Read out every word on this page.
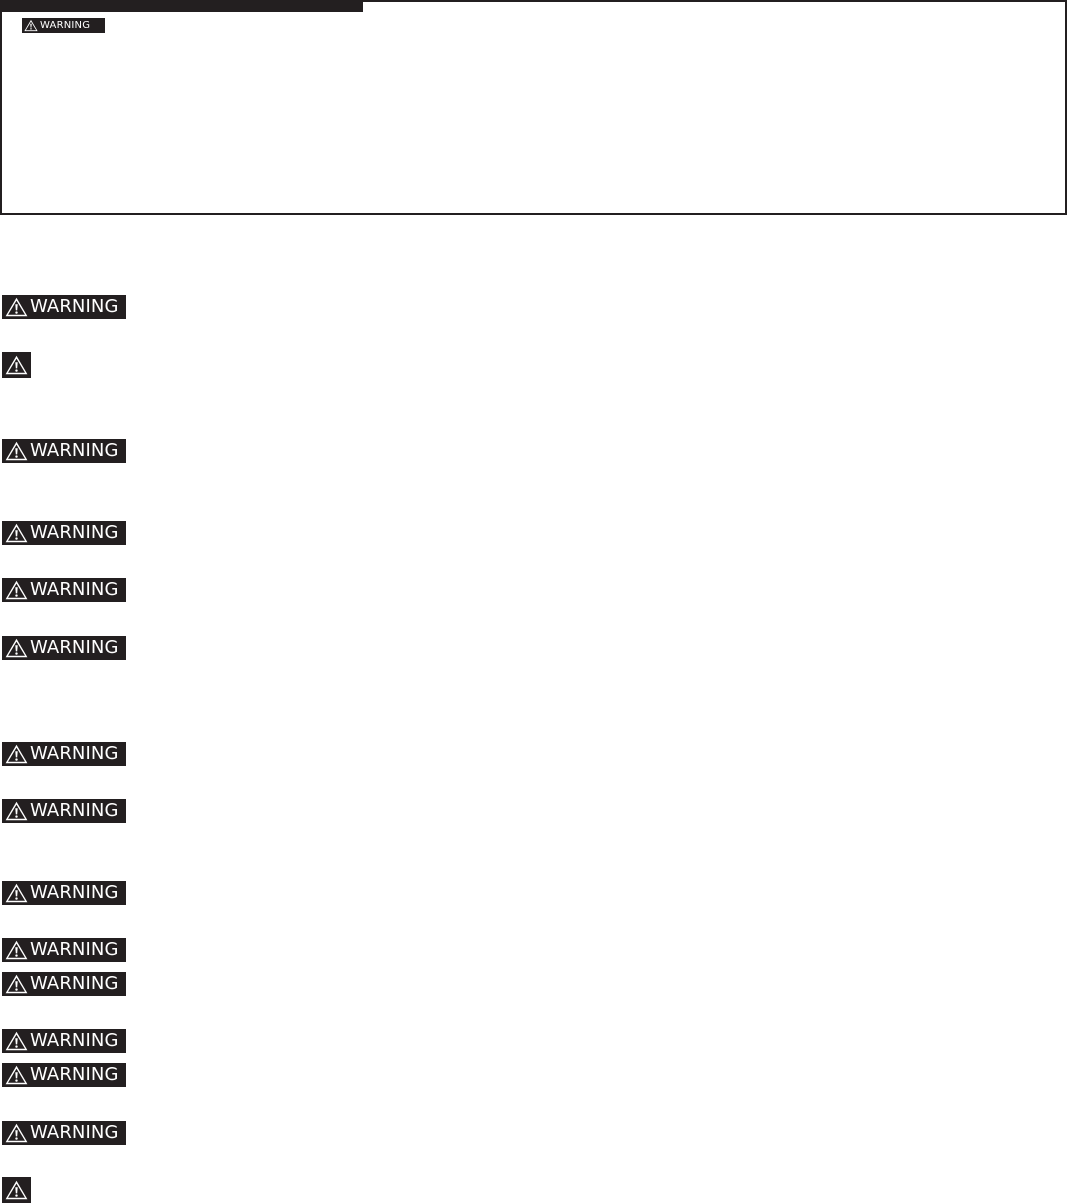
WARNING
WARNING
WARNING
WARNING
WARNING
WARNING
WARNING
WARNING
WARNING
WARNING
WARNING
WARNING
WARNING
WARNING
